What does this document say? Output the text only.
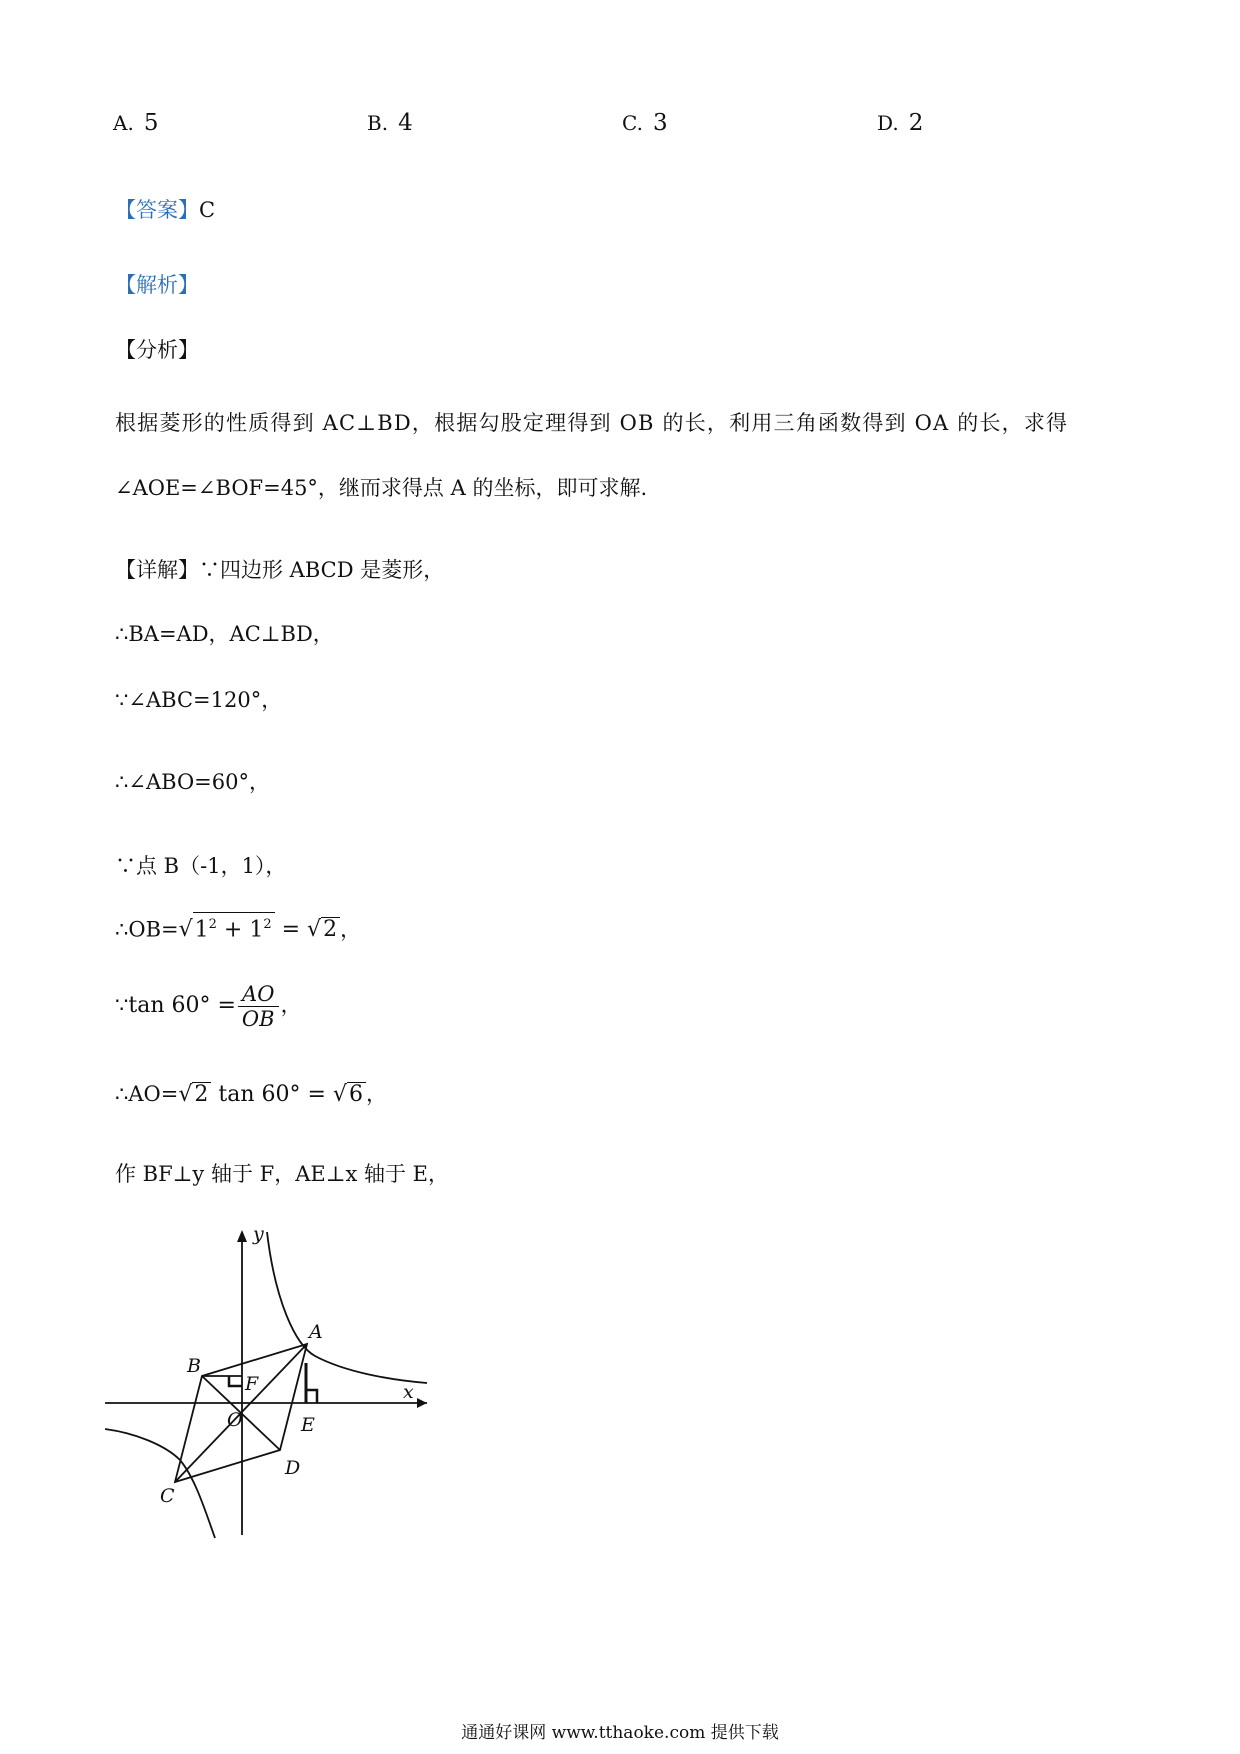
A. 5	B. 4	C. 3	D. 2
【答案】C
【解析】
【分析】
根据菱形的性质得到 AC⊥BD，根据勾股定理得到 OB 的长，利用三角函数得到 OA 的长，求得
∠AOE=∠BOF=45°，继而求得点 A 的坐标，即可求解.
【详解】∵四边形 ABCD 是菱形，
∴BA=AD，AC⊥BD，
∵∠ABC=120°，
∴∠ABO=60°，
∵点 B（-1，1），
$\therefore OB=√1^2 + 1^2 = √2$ ，
∵tan $60^\circ = \frac{AO}{OB}$ ，
∴AO=√2 tan 60° = √6 ，
作 BF⊥y 轴于 F，AE⊥x 轴于 E，
y
x
A
B
C
D
E
F
O
通通好课网 www.tthaoke.com 提供下载
